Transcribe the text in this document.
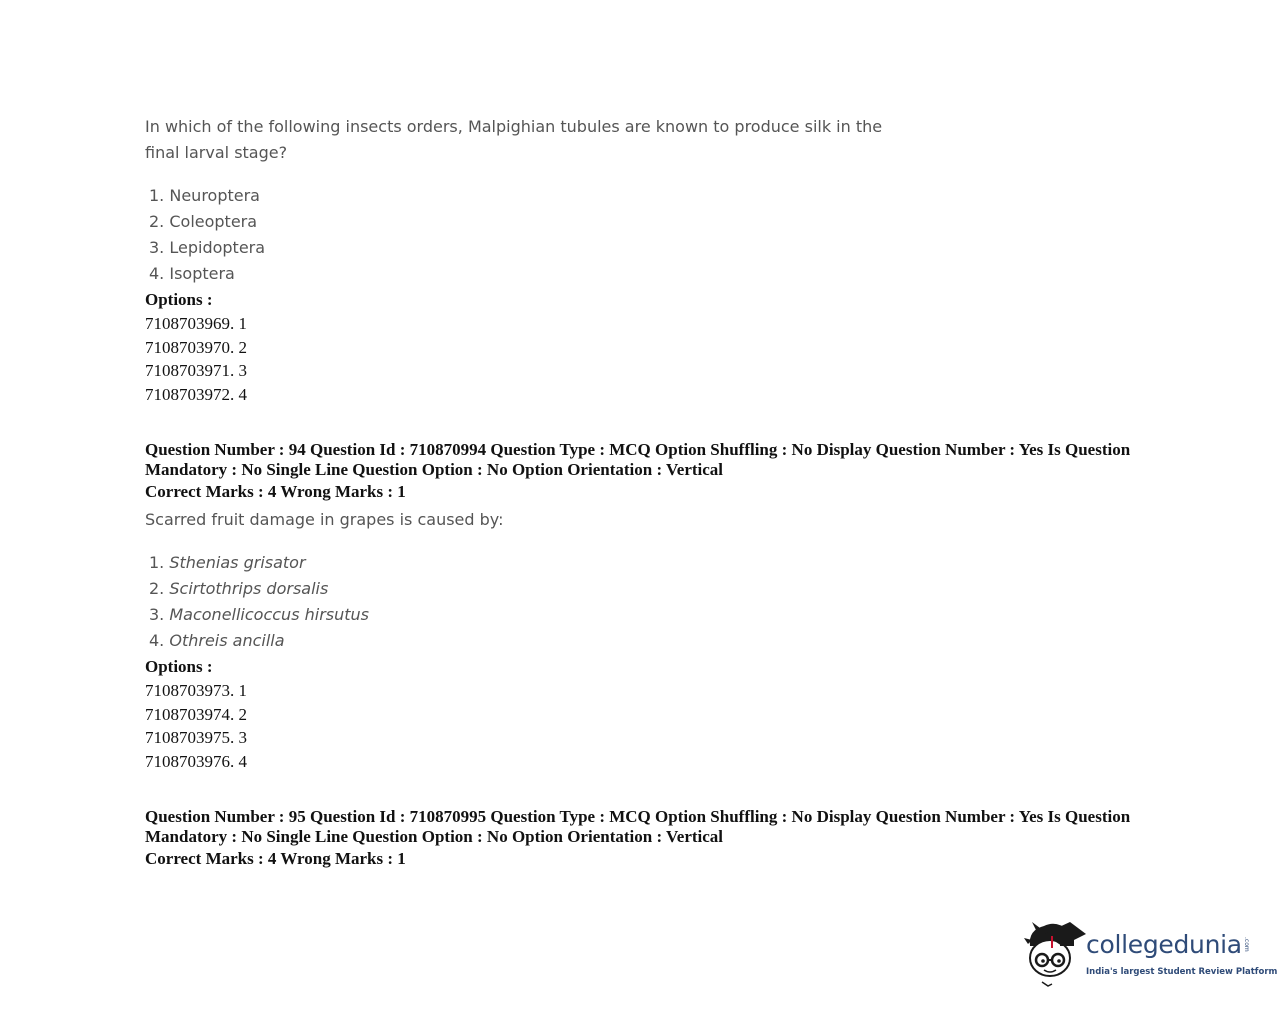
In which of the following insects orders, Malpighian tubules are known to produce silk in the final larval stage?
1. Neuroptera
2. Coleoptera
3. Lepidoptera
4. Isoptera
Options :
7108703969. 1
7108703970. 2
7108703971. 3
7108703972. 4
Question Number : 94 Question Id : 710870994 Question Type : MCQ Option Shuffling : No Display Question Number : Yes Is Question Mandatory : No Single Line Question Option : No Option Orientation : Vertical
Correct Marks : 4 Wrong Marks : 1
Scarred fruit damage in grapes is caused by:
1. Sthenias grisator
2. Scirtothrips dorsalis
3. Maconellicoccus hirsutus
4. Othreis ancilla
Options :
7108703973. 1
7108703974. 2
7108703975. 3
7108703976. 4
Question Number : 95 Question Id : 710870995 Question Type : MCQ Option Shuffling : No Display Question Number : Yes Is Question Mandatory : No Single Line Question Option : No Option Orientation : Vertical
Correct Marks : 4 Wrong Marks : 1
collegedunia .com
India's largest Student Review Platform
